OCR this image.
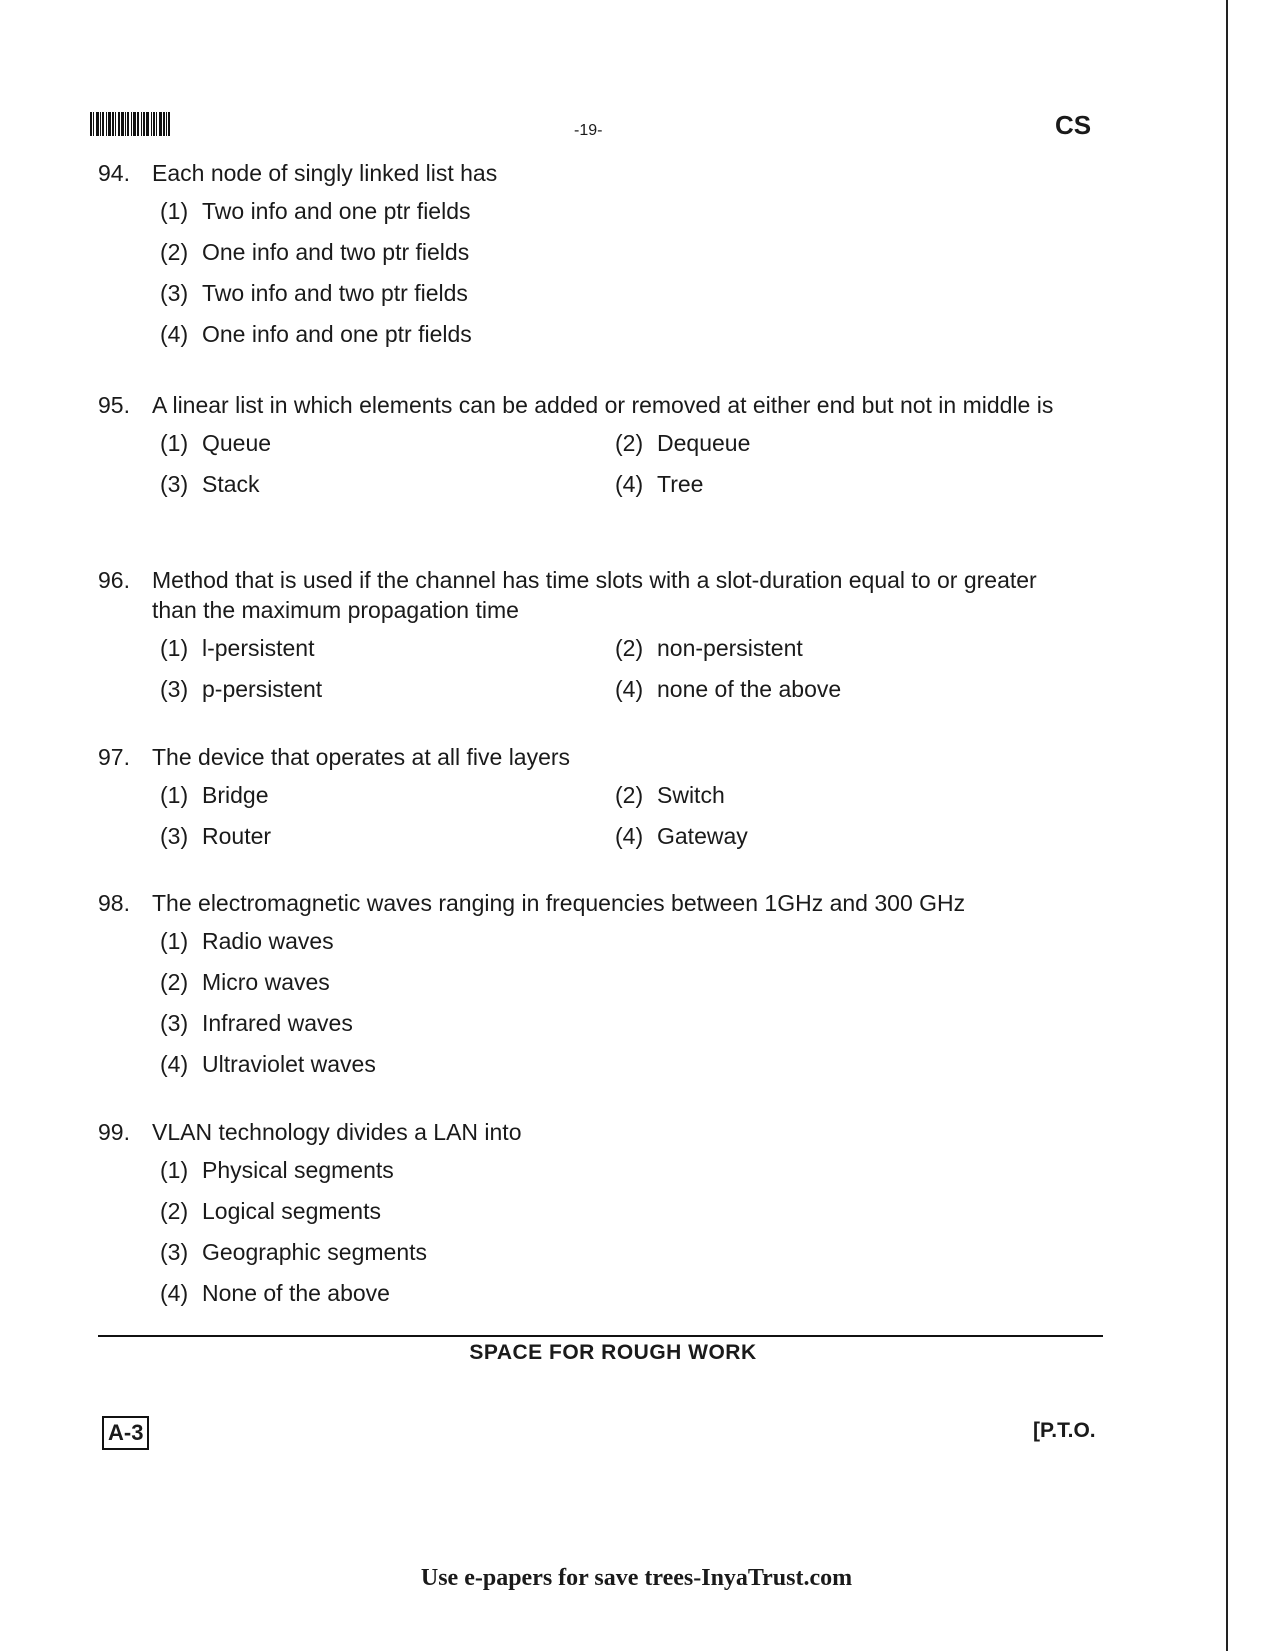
-19-	CS
94. Each node of singly linked list has
(1) Two info and one ptr fields
(2) One info and two ptr fields
(3) Two info and two ptr fields
(4) One info and one ptr fields
95. A linear list in which elements can be added or removed at either end but not in middle is
(1) Queue	(2) Dequeue
(3) Stack	(4) Tree
96. Method that is used if the channel has time slots with a slot-duration equal to or greater than the maximum propagation time
(1) l-persistent	(2) non-persistent
(3) p-persistent	(4) none of the above
97. The device that operates at all five layers
(1) Bridge	(2) Switch
(3) Router	(4) Gateway
98. The electromagnetic waves ranging in frequencies between 1GHz and 300 GHz
(1) Radio waves
(2) Micro waves
(3) Infrared waves
(4) Ultraviolet waves
99. VLAN technology divides a LAN into
(1) Physical segments
(2) Logical segments
(3) Geographic segments
(4) None of the above
SPACE FOR ROUGH WORK
A-3	[P.T.O.
Use e-papers for save trees-InyaTrust.com
